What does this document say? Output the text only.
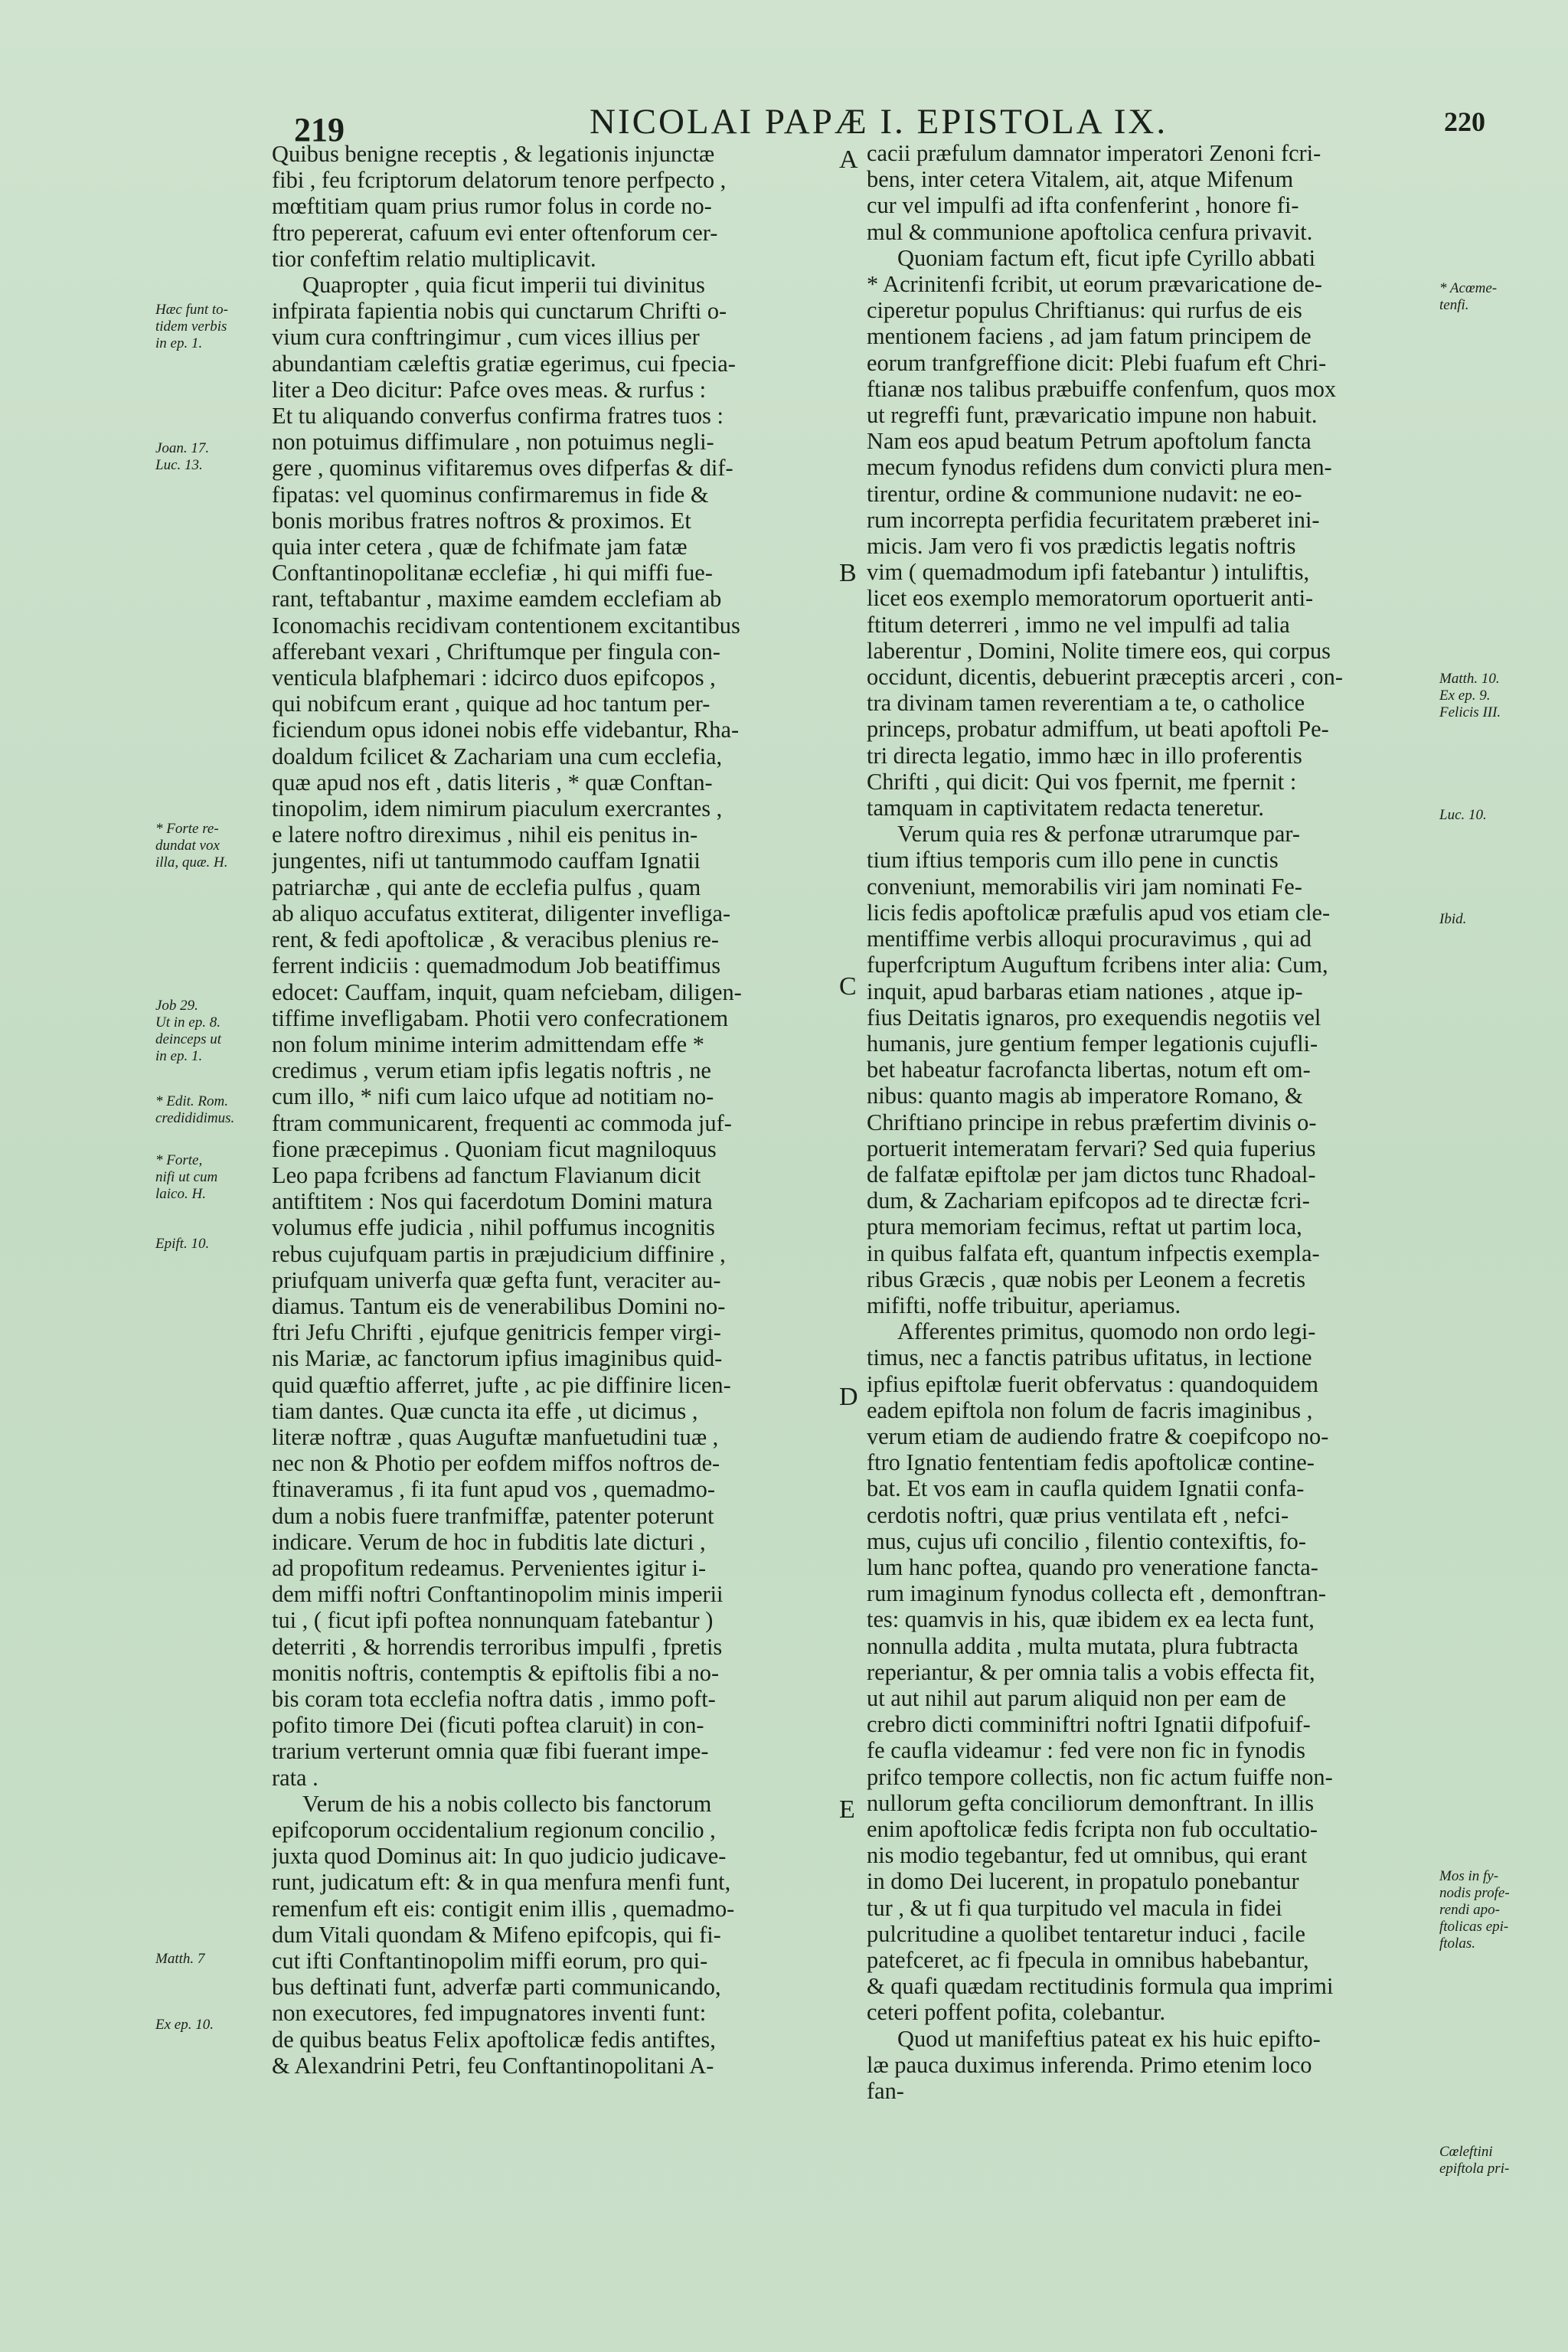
219	NICOLAI PAPÆ I. EPISTOLA IX.	220

Quibus benigne receptis , & legationis injunctæ
fibi , feu fcriptorum delatorum tenore perfpecto ,
mœftitiam quam prius rumor folus in corde no-
ftro pepererat, cafuum evi enter oftenforum cer-
tior confeftim relatio multiplicavit.

Quapropter , quia ficut imperii tui divinitus
infpirata fapientia nobis qui cunctarum Chrifti o-
vium cura conftringimur , cum vices illius per
abundantiam cæleftis gratiæ egerimus, cui fpecia-
liter a Deo dicitur: Pafce oves meas. & rurfus :
Et tu aliquando converfus confirma fratres tuos :
non potuimus diffimulare , non potuimus negli-
gere , quominus vifitaremus oves difperfas & dif-
fipatas: vel quominus confirmaremus in fide &
bonis moribus fratres noftros & proximos. Et
quia inter cetera , quæ de fchifmate jam fatæ
Conftantinopolitanæ ecclefiæ , hi qui miffi fue-
rant, teftabantur , maxime eamdem ecclefiam ab
Iconomachis recidivam contentionem excitantibus
afferebant vexari , Chriftumque per fingula con-
venticula blafphemari : idcirco duos epifcopos ,
qui nobifcum erant , quique ad hoc tantum per-
ficiendum opus idonei nobis effe videbantur, Rha-
doaldum fcilicet & Zachariam una cum ecclefia,
quæ apud nos eft , datis literis , * quæ Conftan-
tinopolim, idem nimirum piaculum exercrantes ,
e latere noftro direximus , nihil eis penitus in-
jungentes, nifi ut tantummodo cauffam Ignatii
patriarchæ , qui ante de ecclefia pulfus , quam
ab aliquo accufatus extiterat, diligenter invefliga-
rent, & fedi apoftolicæ , & veracibus plenius re-
ferrent indiciis : quemadmodum Job beatiffimus
edocet: Cauffam, inquit, quam nefciebam, diligen-
tiffime invefligabam. Photii vero confecrationem
non folum minime interim admittendam effe *
credimus , verum etiam ipfis legatis noftris , ne
cum illo, * nifi cum laico ufque ad notitiam no-
ftram communicarent, frequenti ac commoda juf-
fione præcepimus . Quoniam ficut magniloquus
Leo papa fcribens ad fanctum Flavianum dicit
antiftitem : Nos qui facerdotum Domini matura
volumus effe judicia , nihil poffumus incognitis
rebus cujufquam partis in præjudicium diffinire ,
priufquam univerfa quæ gefta funt, veraciter au-
diamus. Tantum eis de venerabilibus Domini no-
ftri Jefu Chrifti , ejufque genitricis femper virgi-
nis Mariæ, ac fanctorum ipfius imaginibus quid-
quid quæftio afferret, jufte , ac pie diffinire licen-
tiam dantes. Quæ cuncta ita effe , ut dicimus ,
literæ noftræ , quas Auguftæ manfuetudini tuæ ,
nec non & Photio per eofdem miffos noftros de-
ftinaveramus , fi ita funt apud vos , quemadmo-
dum a nobis fuere tranfmiffæ, patenter poterunt
indicare. Verum de hoc in fubditis late dicturi ,
ad propofitum redeamus. Pervenientes igitur i-
dem miffi noftri Conftantinopolim minis imperii
tui , ( ficut ipfi poftea nonnunquam fatebantur )
deterriti , & horrendis terroribus impulfi , fpretis
monitis noftris, contemptis & epiftolis fibi a no-
bis coram tota ecclefia noftra datis , immo poft-
pofito timore Dei (ficuti poftea claruit) in con-
trarium verterunt omnia quæ fibi fuerant impe-
rata .

Verum de his a nobis collecto bis fanctorum
epifcoporum occidentalium regionum concilio ,
juxta quod Dominus ait: In quo judicio judicave-
runt, judicatum eft: & in qua menfura menfi funt,
remenfum eft eis: contigit enim illis , quemadmo-
dum Vitali quondam & Mifeno epifcopis, qui fi-
cut ifti Conftantinopolim miffi eorum, pro qui-
bus deftinati funt, adverfæ parti communicando,
non executores, fed impugnatores inventi funt:
de quibus beatus Felix apoftolicæ fedis antiftes,
& Alexandrini Petri, feu Conftantinopolitani A-

cacii præfulum damnator imperatori Zenoni fcri-
bens, inter cetera Vitalem, ait, atque Mifenum
cur vel impulfi ad ifta confenferint , honore fi-
mul & communione apoftolica cenfura privavit.

Quoniam factum eft, ficut ipfe Cyrillo abbati
* Acrinitenfi fcribit, ut eorum prævaricatione de-
ciperetur populus Chriftianus: qui rurfus de eis
mentionem faciens , ad jam fatum principem de
eorum tranfgreffione dicit: Plebi fuafum eft Chri-
ftianæ nos talibus præbuiffe confenfum, quos mox
ut regreffi funt, prævaricatio impune non habuit.
Nam eos apud beatum Petrum apoftolum fancta
mecum fynodus refidens dum convicti plura men-
tirentur, ordine & communione nudavit: ne eo-
rum incorrepta perfidia fecuritatem præberet ini-
micis. Jam vero fi vos prædictis legatis noftris
vim ( quemadmodum ipfi fatebantur ) intuliftis,
licet eos exemplo memoratorum oportuerit anti-
ftitum deterreri , immo ne vel impulfi ad talia
laberentur , Domini, Nolite timere eos, qui corpus
occidunt, dicentis, debuerint præceptis arceri , con-
tra divinam tamen reverentiam a te, o catholice
princeps, probatur admiffum, ut beati apoftoli Pe-
tri directa legatio, immo hæc in illo proferentis
Chrifti , qui dicit: Qui vos fpernit, me fpernit :
tamquam in captivitatem redacta teneretur.

Verum quia res & perfonæ utrarumque par-
tium iftius temporis cum illo pene in cunctis
conveniunt, memorabilis viri jam nominati Fe-
licis fedis apoftolicæ præfulis apud vos etiam cle-
mentiffime verbis alloqui procuravimus , qui ad
fuperfcriptum Auguftum fcribens inter alia: Cum,
inquit, apud barbaras etiam nationes , atque ip-
fius Deitatis ignaros, pro exequendis negotiis vel
humanis, jure gentium femper legationis cujufli-
bet habeatur facrofancta libertas, notum eft om-
nibus: quanto magis ab imperatore Romano, &
Chriftiano principe in rebus præfertim divinis o-
portuerit intemeratam fervari? Sed quia fuperius
de falfatæ epiftolæ per jam dictos tunc Rhadoal-
dum, & Zachariam epifcopos ad te directæ fcri-
ptura memoriam fecimus, reftat ut partim loca,
in quibus falfata eft, quantum infpectis exempla-
ribus Græcis , quæ nobis per Leonem a fecretis
mififti, noffe tribuitur, aperiamus.

Afferentes primitus, quomodo non ordo legi-
timus, nec a fanctis patribus ufitatus, in lectione
ipfius epiftolæ fuerit obfervatus : quandoquidem
eadem epiftola non folum de facris imaginibus ,
verum etiam de audiendo fratre & coepifcopo no-
ftro Ignatio fententiam fedis apoftolicæ contine-
bat. Et vos eam in caufla quidem Ignatii confa-
cerdotis noftri, quæ prius ventilata eft , nefci-
mus, cujus ufi concilio , filentio contexiftis, fo-
lum hanc poftea, quando pro veneratione fancta-
rum imaginum fynodus collecta eft , demonftran-
tes: quamvis in his, quæ ibidem ex ea lecta funt,
nonnulla addita , multa mutata, plura fubtracta
reperiantur, & per omnia talis a vobis effecta fit,
ut aut nihil aut parum aliquid non per eam de
crebro dicti comminiftri noftri Ignatii difpofuif-
fe caufla videamur : fed vere non fic in fynodis
prifco tempore collectis, non fic actum fuiffe non-
nullorum gefta conciliorum demonftrant. In illis
enim apoftolicæ fedis fcripta non fub occultatio-
nis modio tegebantur, fed ut omnibus, qui erant
in domo Dei lucerent, in propatulo ponebantur
tur , & ut fi qua turpitudo vel macula in fidei
pulcritudine a quolibet tentaretur induci , facile
patefceret, ac fi fpecula in omnibus habebantur,
& quafi quædam rectitudinis formula qua imprimi
ceteri poffent pofita, colebantur.

Quod ut manifeftius pateat ex his huic epifto-
læ pauca duximus inferenda. Primo etenim loco
fan-

A
B
C
D
E
Hæc funt to-
tidem verbis
in ep. 1.
Joan. 17.
Luc. 13.
* Forte re-
dundat vox
illa, quæ. H.
Job 29.
Ut in ep. 8.
deinceps ut
in ep. 1.
* Edit. Rom.
credididimus.
* Forte,
nifi ut cum
laico. H.
Epift. 10.
Matth. 7
Ex ep. 10.
* Acœme-
tenfi.
Matth. 10.
Ex ep. 9.
Felicis III.
Luc. 10.
Ibid.
Mos in fy-
nodis profe-
rendi apo-
ftolicas epi-
ftolas.
Cœleftini
epiftola pri-
